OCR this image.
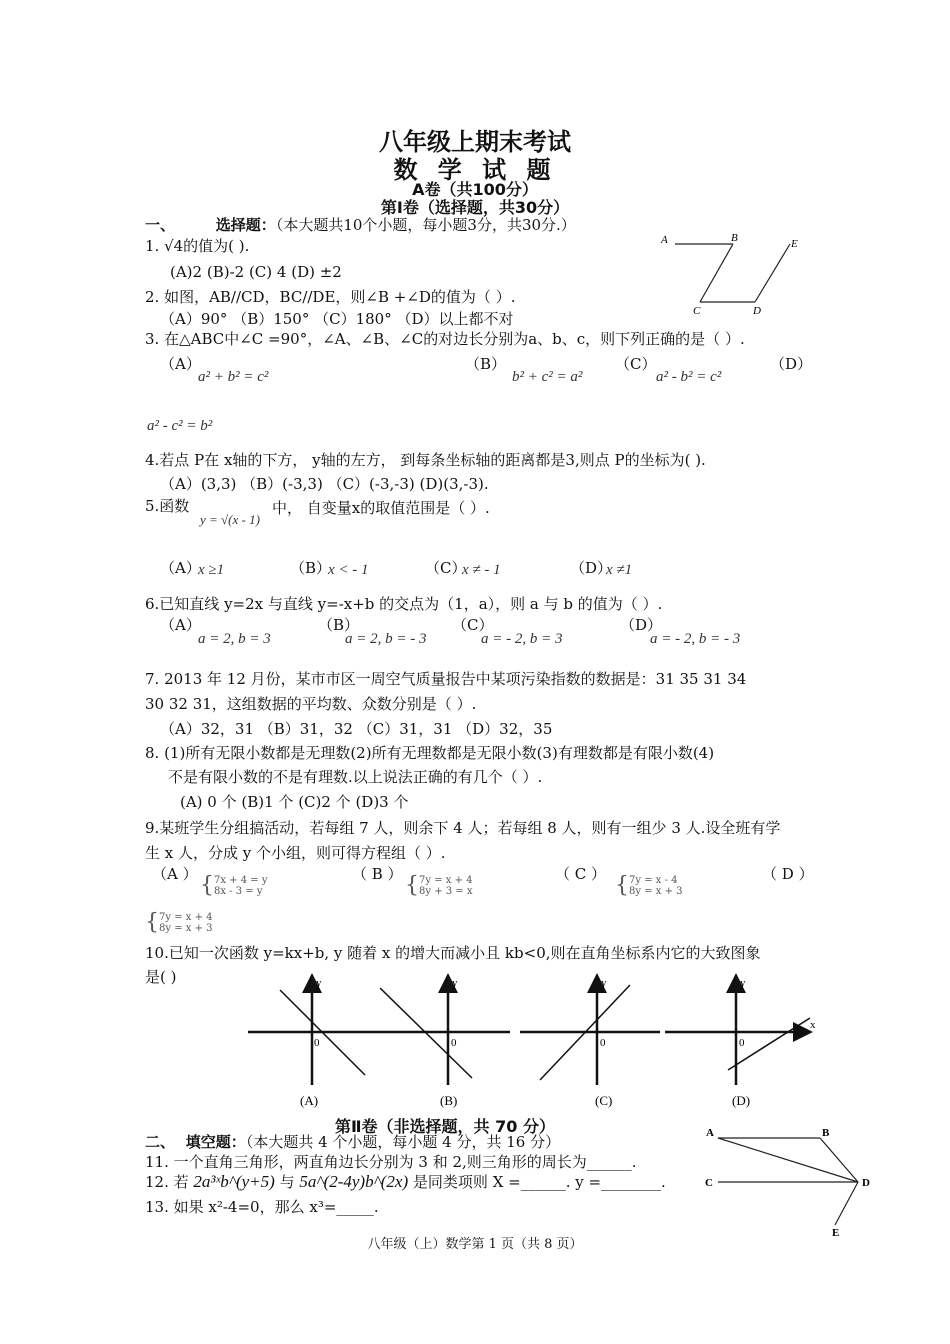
八年级上期末考试
数 学 试 题
A卷（共100分）
第Ⅰ卷（选择题，共30分）
一、	选择题：（本大题共10个小题，每小题3分，共30分.）
1. √4的值为( ).
(A)2 (B)-2 (C) 4 (D) ±2
2. 如图，AB//CD，BC//DE，则∠B +∠D的值为（ ）.
（A）90° （B）150° （C）180° （D）以上都不对
A	B	E
C	D
3. 在△ABC中∠C =90°，∠A、∠B、∠C的对边长分别为a、b、c，则下列正确的是（ ）.
（A）
a² + b² = c²
（B）
b² + c² = a²
（C）
a² - b² = c²
（D）
a² - c² = b²
4.若点 P在 x轴的下方， y轴的左方， 到每条坐标轴的距离都是3,则点 P的坐标为( ).
（A）(3,3) （B）(-3,3) （C）(-3,-3) (D)(3,-3).
5.函数
y = √(x - 1)
中， 自变量x的取值范围是（ ）.
（A）
x ≥1	（B）
x < - 1	（C）
x ≠ - 1	（D）
x ≠1
6.已知直线 y=2x 与直线 y=-x+b 的交点为（1，a），则 a 与 b 的值为（ ）.
（A）
a = 2, b = 3
（B）
a = 2, b = - 3
（C）
a = - 2, b = 3
（D）
a = - 2, b = - 3
7. 2013 年 12 月份，某市市区一周空气质量报告中某项污染指数的数据是：31 35 31 34
30 32 31，这组数据的平均数、众数分别是（ ）.
（A）32，31 （B）31，32 （C）31，31 （D）32，35
8. (1)所有无限小数都是无理数(2)所有无理数都是无限小数(3)有理数都是有限小数(4)
不是有限小数的不是有理数.以上说法正确的有几个（ ）.
(A) 0 个 (B)1 个 (C)2 个 (D)3 个
9.某班学生分组搞活动，若每组 7 人，则余下 4 人；若每组 8 人，则有一组少 3 人.设全班有学
生 x 人，分成 y 个小组，则可得方程组（ ）.
（A ） { 7x + 4 = y
8x - 3 = y
（ B ） { 7y = x + 4
8y + 3 = x
（ C ） { 7y = x - 4
8y = x + 3
（ D ）
{ 7y = x + 4
8y = x + 3
10.已知一次函数 y=kx+b, y 随着 x 的增大而减小且 kb<0,则在直角坐标系内它的大致图象
是( )	y
0
(A)
y
0
(B)
y
0
(C)
y
x
0
(D)
第Ⅱ卷（非选择题，共 70 分）
二、 填空题：（本大题共 4 个小题，每小题 4 分，共 16 分）
11. 一个直角三角形，两直角边长分别为 3 和 2,则三角形的周长为______.
12. 若 2a³ˣb^(y+5) 与 5a^(2-4y)b^(2x) 是同类项则 X =______. y =________.
13. 如果 x²-4=0，那么 x³=_____.
A	B
C	D
E
八年级（上）数学第 1 页（共 8 页）
